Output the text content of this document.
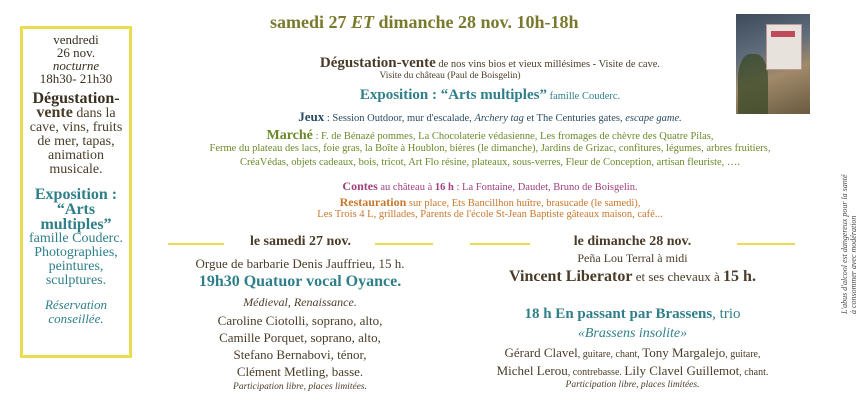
vendredi
26 nov.
nocturne
18h30- 21h30
Dégustation-
vente dans la
cave, vins, fruits
de mer, tapas,
animation
musicale.
Exposition :
“Arts
multiples”
famille Couderc.
Photographies,
peintures,
sculptures.
Réservation
conseillée.
samedi 27 ET dimanche 28 nov. 10h-18h
L'abus d'alcool est dangereux pour la santé à consommer avec modération
Dégustation-vente de nos vins bios et vieux millésimes - Visite de cave.
Visite du château (Paul de Boisgelin)
Exposition : “Arts multiples” famille Couderc.
Jeux : Session Outdoor, mur d'escalade, Archery tag et The Centuries gates, escape game.
Marché : F. de Bénazé pommes, La Chocolaterie védasienne, Les fromages de chèvre des Quatre Pilas,
Ferme du plateau des lacs, foie gras, la Boîte à Houblon, bières (le dimanche), Jardins de Grizac, confitures, légumes, arbres fruitiers,
CréaVédas, objets cadeaux, bois, tricot, Art Flo résine, plateaux, sous-verres, Fleur de Conception, artisan fleuriste, ….
Contes au château à 16 h : La Fontaine, Daudet, Bruno de Boisgelin.
Restauration sur place, Ets Bancillhon huître, brasucade (le samedi),
Les Trois 4 L, grillades, Parents de l'école St-Jean Baptiste gâteaux maison, café...
le samedi 27 nov.
Orgue de barbarie Denis Jauffrieu, 15 h.
19h30 Quatuor vocal Oyance.
Médieval, Renaissance.
Caroline Ciotolli, soprano, alto,
Camille Porquet, soprano, alto,
Stefano Bernabovi, ténor,
Clément Metling, basse.
Participation libre, places limitées.
le dimanche 28 nov.
Peña Lou Terral à midi
Vincent Liberator et ses chevaux à 15 h.
18 h En passant par Brassens, trio
«Brassens insolite»
Gérard Clavel, guitare, chant, Tony Margalejo, guitare,
Michel Lerou, contrebasse. Lily Clavel Guillemot, chant.
Participation libre, places limitées.
